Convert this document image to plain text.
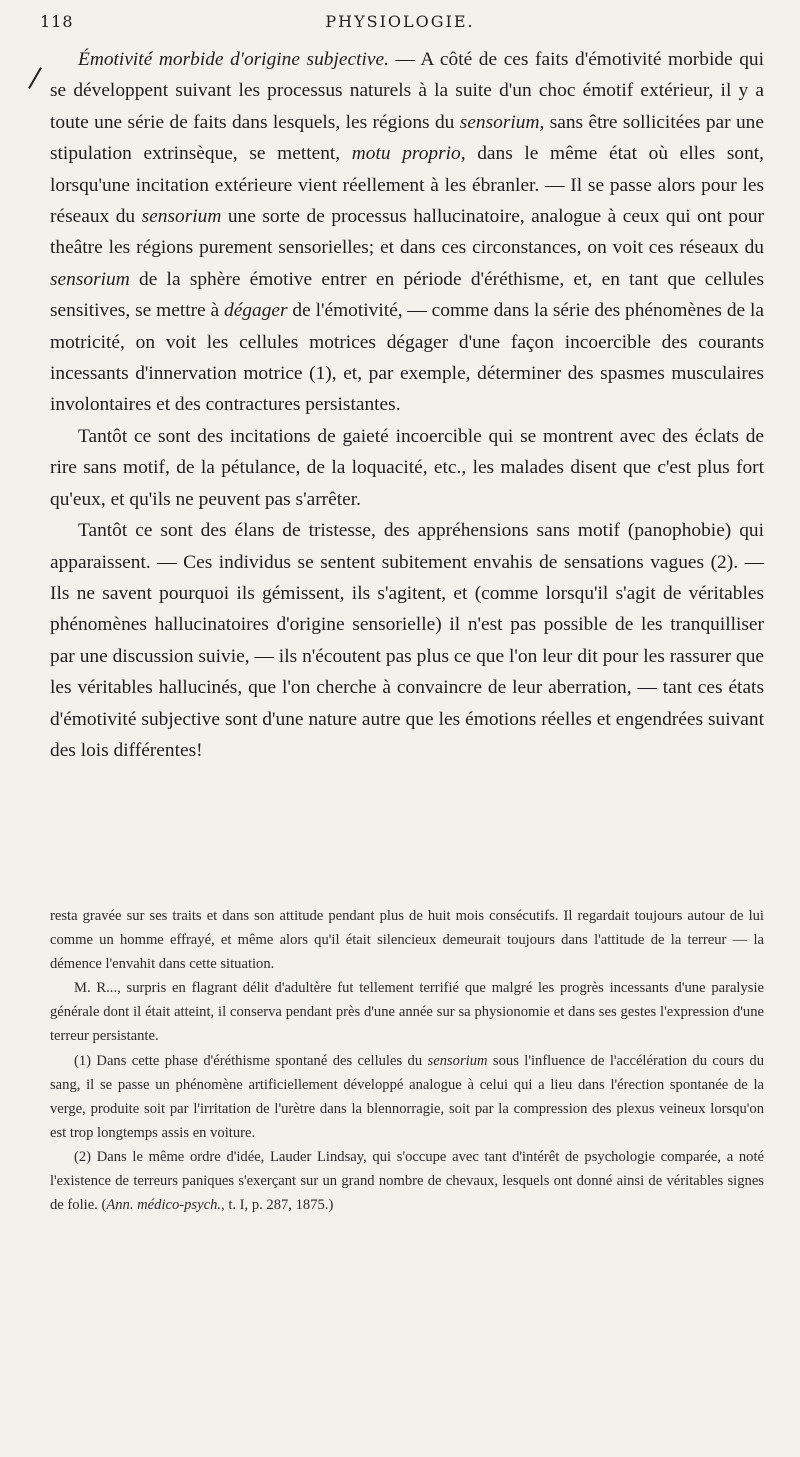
118	PHYSIOLOGIE.

Émotivité morbide d'origine subjective. — A côté de ces faits d'émotivité morbide qui se développent suivant les processus naturels à la suite d'un choc émotif extérieur, il y a toute une série de faits dans lesquels, les régions du sensorium, sans être sollicitées par une stipulation extrinsèque, se mettent, motu proprio, dans le même état où elles sont, lorsqu'une incitation extérieure vient réellement à les ébranler. — Il se passe alors pour les réseaux du sensorium une sorte de processus hallucinatoire, analogue à ceux qui ont pour theâtre les régions purement sensorielles; et dans ces circonstances, on voit ces réseaux du sensorium de la sphère émotive entrer en période d'éréthisme, et, en tant que cellules sensitives, se mettre à dégager de l'émotivité, — comme dans la série des phénomènes de la motricité, on voit les cellules motrices dégager d'une façon incoercible des courants incessants d'innervation motrice (1), et, par exemple, déterminer des spasmes musculaires involontaires et des contractures persistantes.

Tantôt ce sont des incitations de gaieté incoercible qui se montrent avec des éclats de rire sans motif, de la pétulance, de la loquacité, etc., les malades disent que c'est plus fort qu'eux, et qu'ils ne peuvent pas s'arrêter.

Tantôt ce sont des élans de tristesse, des appréhensions sans motif (panophobie) qui apparaissent. — Ces individus se sentent subitement envahis de sensations vagues (2). — Ils ne savent pourquoi ils gémissent, ils s'agitent, et (comme lorsqu'il s'agit de véritables phénomènes hallucinatoires d'origine sensorielle) il n'est pas possible de les tranquilliser par une discussion suivie, — ils n'écoutent pas plus ce que l'on leur dit pour les rassurer que les véritables hallucinés, que l'on cherche à convaincre de leur aberration, — tant ces états d'émotivité subjective sont d'une nature autre que les émotions réelles et engendrées suivant des lois différentes!

resta gravée sur ses traits et dans son attitude pendant plus de huit mois consécutifs. Il regardait toujours autour de lui comme un homme effrayé, et même alors qu'il était silencieux demeurait toujours dans l'attitude de la terreur — la démence l'envahit dans cette situation.

M. R..., surpris en flagrant délit d'adultère fut tellement terrifié que malgré les progrès incessants d'une paralysie générale dont il était atteint, il conserva pendant près d'une année sur sa physionomie et dans ses gestes l'expression d'une terreur persistante.

(1) Dans cette phase d'éréthisme spontané des cellules du sensorium sous l'influence de l'accélération du cours du sang, il se passe un phénomène artificiellement développé analogue à celui qui a lieu dans l'érection spontanée de la verge, produite soit par l'irritation de l'urètre dans la blennorragie, soit par la compression des plexus veineux lorsqu'on est trop longtemps assis en voiture.

(2) Dans le même ordre d'idée, Lauder Lindsay, qui s'occupe avec tant d'intérêt de psychologie comparée, a noté l'existence de terreurs paniques s'exerçant sur un grand nombre de chevaux, lesquels ont donné ainsi de véritables signes de folie. (Ann. médico-psych., t. I, p. 287, 1875.)
